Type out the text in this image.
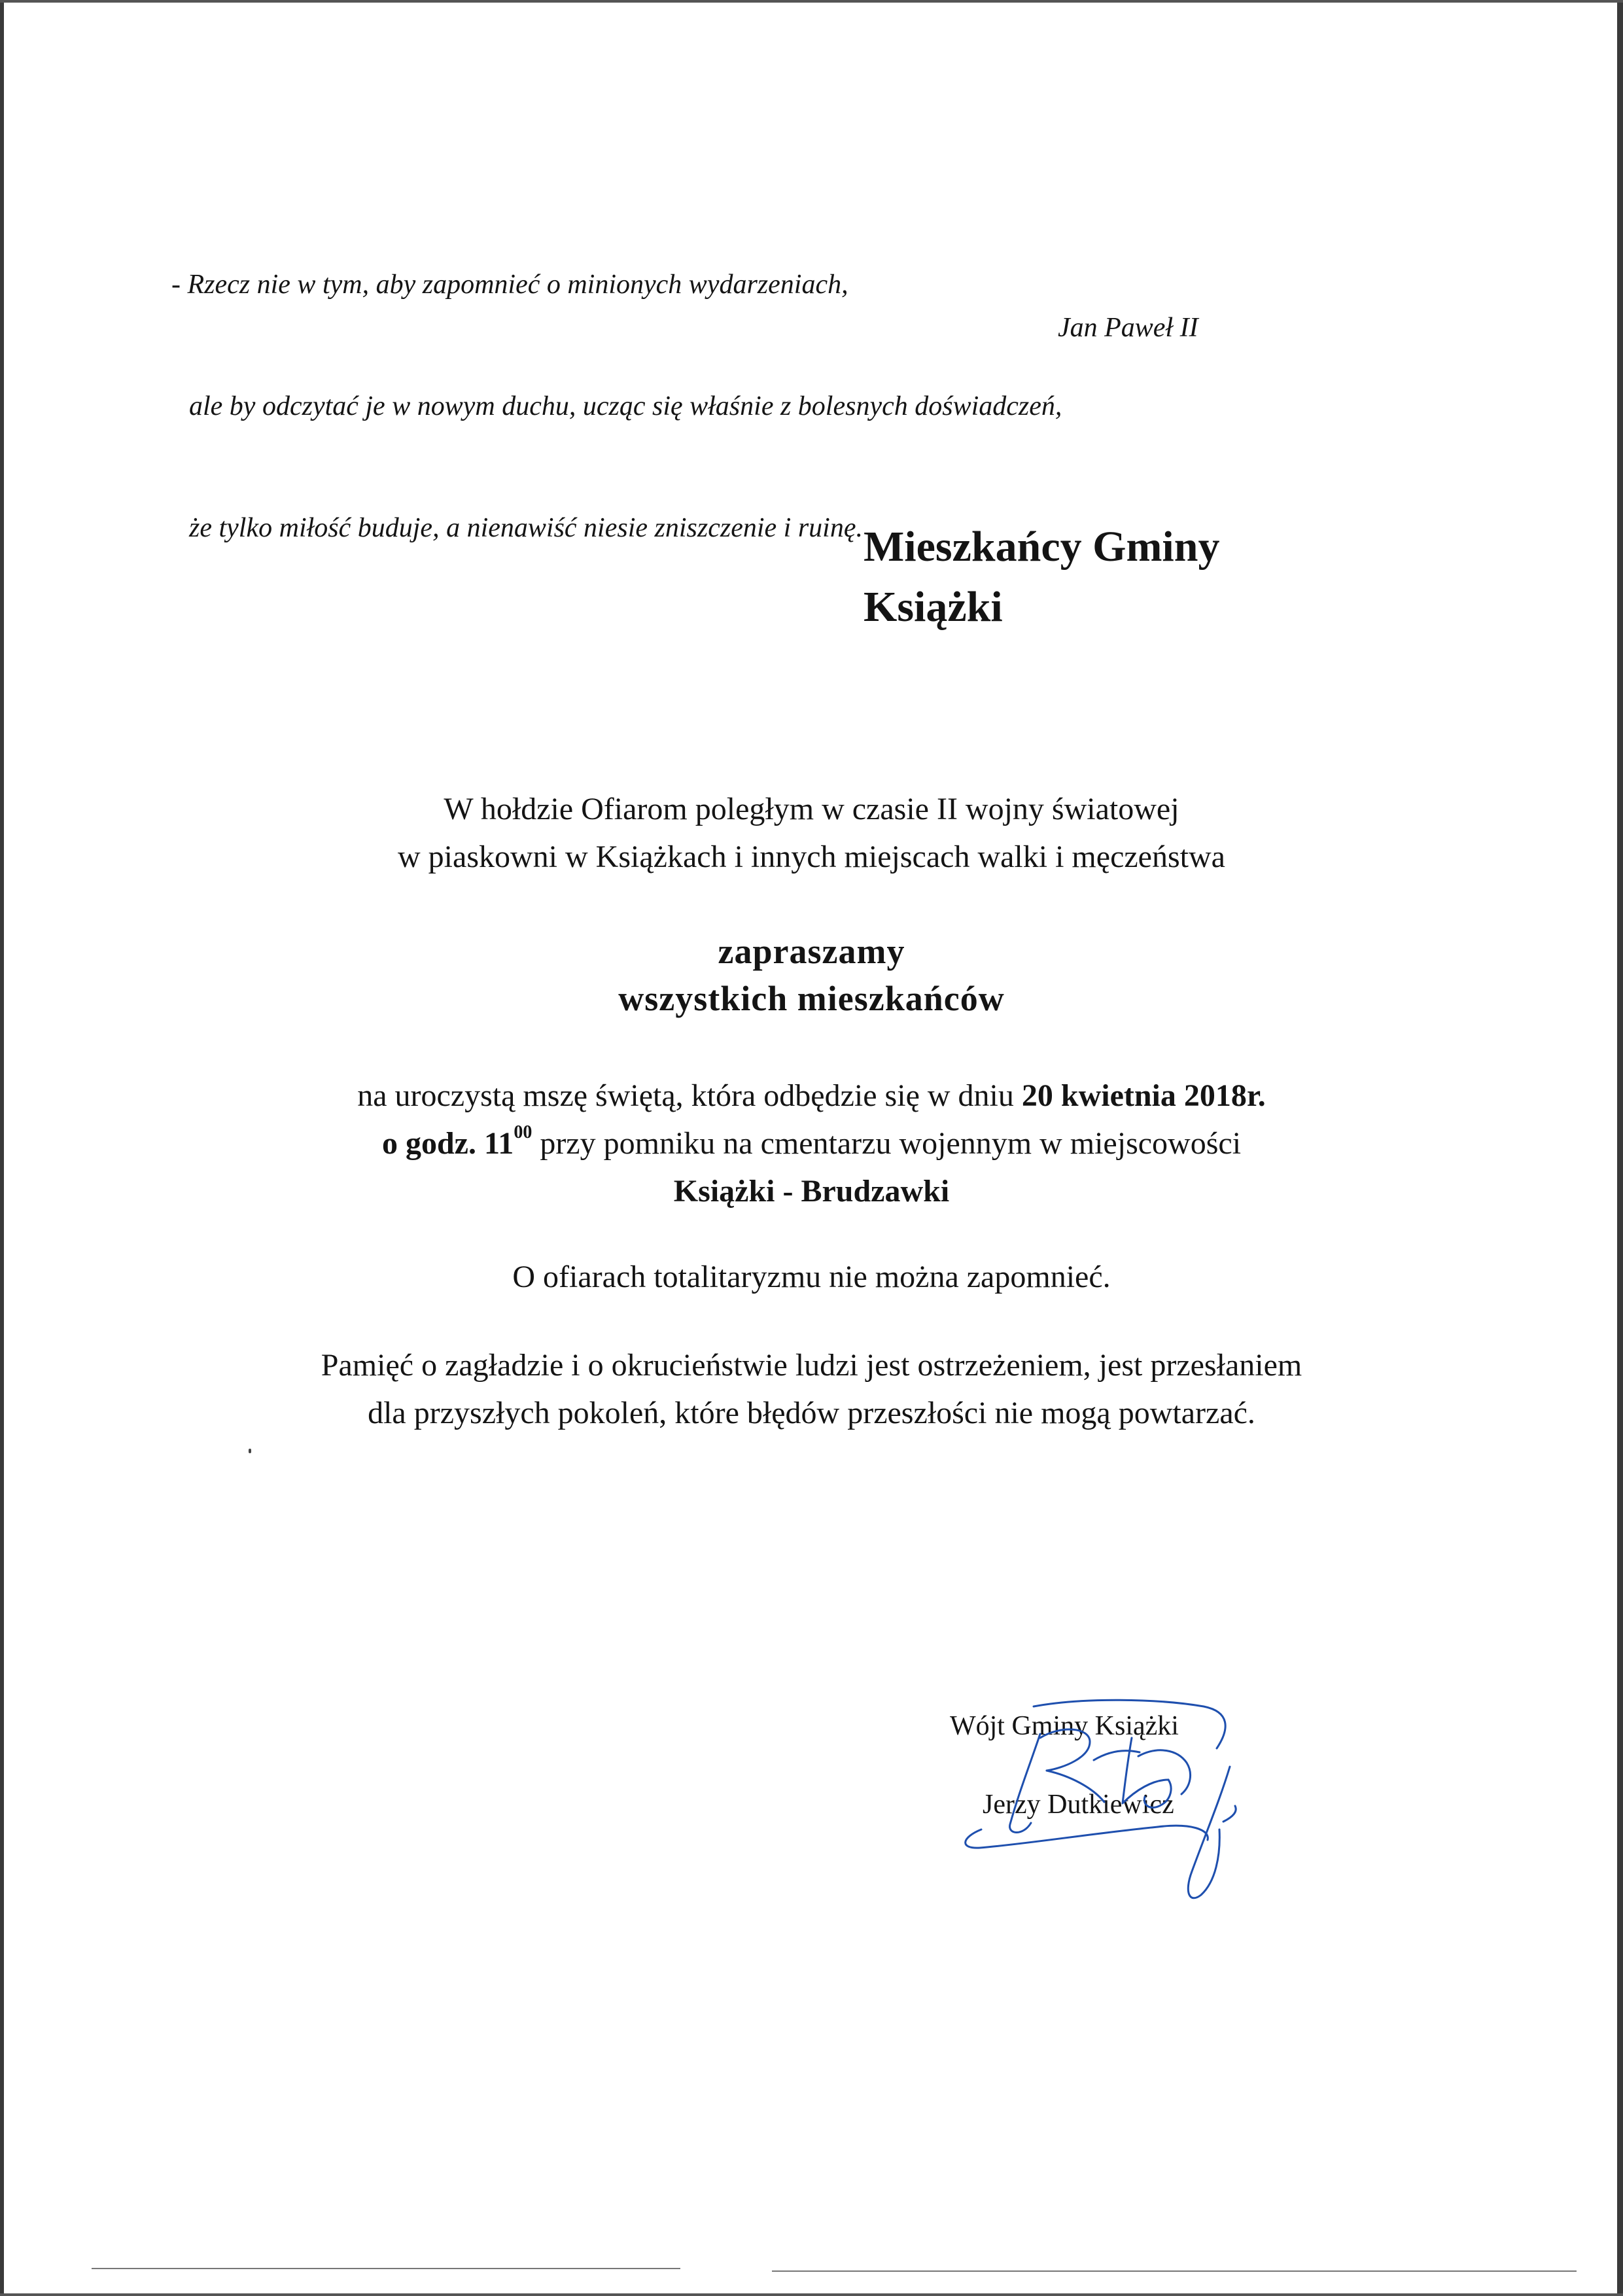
- Rzecz nie w tym, aby zapomnieć o minionych wydarzeniach,

ale by odczytać je w nowym duchu, ucząc się właśnie z bolesnych doświadczeń,

że tylko miłość buduje, a nienawiść niesie zniszczenie i ruinę.

Jan Paweł II

Mieszkańcy Gminy
Książki
W hołdzie Ofiarom poległym w czasie II wojny światowej
w piaskowni w Książkach i innych miejscach walki i męczeństwa
zapraszamy
wszystkich mieszkańców
na uroczystą mszę świętą, która odbędzie się w dniu 20 kwietnia 2018r.
o godz. $11^{00}$ przy pomniku na cmentarzu wojennym w miejscowości
Książki - Brudzawki
O ofiarach totalitaryzmu nie można zapomnieć.
Pamięć o zagładzie i o okrucieństwie ludzi jest ostrzeżeniem, jest przesłaniem
dla przyszłych pokoleń, które błędów przeszłości nie mogą powtarzać.
Wójt Gminy Książki
Jerzy Dutkiewicz
